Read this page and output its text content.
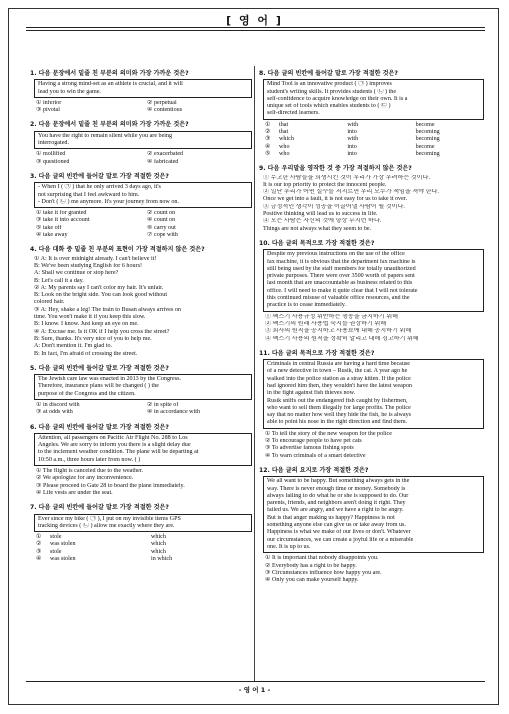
[ 영 어 ]
1. 다음 문장에서 밑줄 친 부분의 의미와 가장 가까운 것은?
Having a strong mind-set as an athlete is crucial, and it will
lead you to win the game.
① inferior	② perpetual
③ pivotal	④ contentious
2. 다음 문장에서 밑줄 친 부분의 의미와 가장 가까운 것은?
You have the right to remain silent while you are being
interrogated.
① mollified	② exacerbated
③ questioned	④ fabricated
3. 다음 글의 빈칸에 들어갈 말로 가장 적절한 것은?
- When I ( ㉠ ) that he only arrived 3 days ago, it's
not surprising that I feel awkward to him.
- Don't ( ㉡ ) me anymore. It's your journey from now on.
① take it for granted	② count on
③ take it into account	④ count on
⑤ take off	⑥ carry out
④ take away	⑦ cope with
4. 다음 대화 중 밑줄 친 부분의 표현이 가장 적절하지 않은 것은?
① A: It is over midnight already. I can't believe it!
B: We've been studying English for 6 hours!
A: Shall we continue or stop here?
B: Let's call it a day.
② A: My parents say I can't color my hair. It's unfair.
B: Look on the bright side. You can look good without
colored hair.
③ A: Hey, shake a leg! The train to Busan always arrives on
time. You won't make it if you keep this slow.
B: I know. I know. Just keep an eye on me.
④ A: Excuse me. Is it OK if I help you cross the street?
B: Sure, thanks. It's very nice of you to help me.
A: Don't mention it. I'm glad to.
B: In fact, I'm afraid of crossing the street.
5. 다음 글의 빈칸에 들어갈 말로 가장 적절한 것은?
The Jewish care law was enacted in 2013 by the Congress.
Therefore, insurance plans will be changed ( ) the
purpose of the Congress and the citizen.
① in discord with	② in spite of
③ at odds with	④ in accordance with
6. 다음 글의 빈칸에 들어갈 말로 가장 적절한 것은?
Attention, all passengers on Pacific Air Flight No. 288 to Los
Angeles. We are sorry to inform you there is a slight delay due
to the inclement weather condition. The plane will be departing at
10:50 a.m., three hours later from now. ( )
① The flight is canceled due to the weather.
② We apologize for any inconvenience.
③ Please proceed to Gate 28 to board the plane immediately.
④ Life vests are under the seat.
7. 다음 글의 빈칸에 들어갈 말로 가장 적절한 것은?
Ever since my bike ( ㉠ ), I put on my invisible items GPS
tracking devices ( ㉡ ) allow me exactly where they are.
①	stole	which
②	was stolen	which
③	stole	which
④	was stolen	in which
8. 다음 글의 빈칸에 들어갈 말로 가장 적절한 것은?
Mind Tool is an innovative product ( ㉠ ) improves
student's writing skills. It provides students ( ㉡ ) the
self-confidence to acquire knowledge on their own. It is a
unique set of tools which enables students to ( ㉢ )
self-directed learners.
①	that	with	become
②	that	into	becoming
③	which	with	becoming
④	who	into	become
⑤	who	into	becoming
9. 다음 우리말을 영작한 것 중 가장 적절하지 않은 것은?
① 무고한 사람들을 희생시킨 것이 우리가 가장 우려하는 것이다.
It is our top priority to protect the innocent people.
② 일단 우리가 어떤 실수를 저지르면 우리 모두가 책임을 져야 한다.
Once we get into a fault, it is not easy for us to take it over.
③ 긍정적인 생각이 성공을 이끌어낼 사람이 될 것이다.
Positive thinking will lead us to success in life.
④ 모든 사람은 자신의 것에 항상 부지런 하다.
Things are not always what they seem to be.
10. 다음 글의 목적으로 가장 적절한 것은?
Despite my previous instructions on the use of the office
fax machine, it is obvious that the department fax machine is
still being used by the staff members for totally unauthorized
private purposes. There were over 3500 worth of papers sent
last month that are unaccountable as business related to this
office. I will need to make it quite clear that I will not tolerate
this continued misuse of valuable office resources, and the
practice is to cease immediately.
① 팩스기 사용규정 위반하는 행동을 금지하기 위해
② 팩스기의 원래 사용법 숙지를 권장하기 위해
③ 회사의 원칙을 공지하고 사용료에 대해 공지하기 위해
④ 팩스기 사용의 원칙을 정확히 알리고 대해 경고하기 위해
11. 다음 글의 목적으로 가장 적절한 것은?
Criminals in central Russia are having a hard time because
of a new detective in town – Rusik, the cat. A year ago he
walked into the police station as a stray kitten. If the police
had ignored him then, they wouldn't have the latest weapon
in the fight against fish thieves now.
Rusik sniffs out the endangered fish caught by fishermen,
who want to sell them illegally for large profits. The police
say that no matter how well they hide the fish, he is always
able to point his nose in the right direction and find them.
① To tell the story of the new weapon for the police
② To encourage people to have pet cats
③ To advertise famous fishing spots
④ To warn criminals of a smart detective
12. 다음 글의 요지로 가장 적절한 것은?
We all want to be happy. But something always gets in the
way. There is never enough time or money. Somebody is
always failing to do what he or she is supposed to do. Our
parents, friends, and neighbors aren't doing it right. They
failed us. We are angry, and we have a right to be angry.
But is that anger making us happy? Happiness is not
something anyone else can give us or take away from us.
Happiness is what we make of our lives or don't. Whatever
our circumstances, we can create a joyful life or a miserable
one. It is up to us.
① It is important that nobody disappoints you.
② Everybody has a right to be happy.
③ Circumstances influence how happy you are.
④ Only you can make yourself happy.
- 영 어 1 -
